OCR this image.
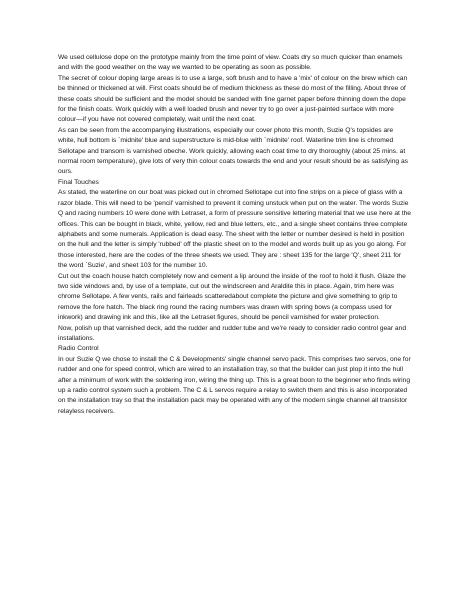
We used cellulose dope on the prototype mainly from the time point of view. Coats dry so much quicker than enamels and with the good weather on the way we wanted to be operating as soon as possible.

The secret of colour doping large areas is to use a large, soft brush and to have a 'mix' of colour on the brew which can be thinned or thickened at will. First coats should be of medium thickness as these do most of the filling. About three of these coats should be sufficient and the model should be sanded with fine garnet paper before thinning down the dope for the finish coats. Work quickly with a well loaded brush and never try to go over a just-painted surface with more colour—if you have not covered completely, wait until the next coat.

As can be seen from the accompanying illustrations, especially our cover photo this month, Suzie Q's topsides are white, hull bottom is `midnite' blue and superstructure is mid-blue with `midnite' roof. Waterline trim line is chromed Sellotape and transom is varnished obeche. Work quickly, allowing each coat time to dry thoroughly (about 25 mins. at normal room temperature), give lots of very thin colour coats towards the end and your result should be as satisfying as ours.

Final Touches

As stated, the waterline on our boat was picked out in chromed Sellotape cut into fine strips on a piece of glass with a razor blade. This will need to be 'pencil' varnished to prevent it coming unstuck when put on the water. The words Suzie Q and racing numbers 10 were done with Letraset, a form of pressure sensitive lettering material that we use here at the offices. This can be bought in black, white, yellow, red and blue letters, etc., and a single sheet contains three complete alphabets and some numerals. Application is dead easy. The sheet with the letter or number desired is held in position on the hull and the letter is simply 'rubbed' off the plastic sheet on to the model and words built up as you go along. For those interested, here are the codes of the three sheets we used. They are : sheet 135 for the large 'Q', sheet 211 for the word `Suzie', and sheet 103 for the number 10.

Cut out the coach house hatch completely now and cement a lip around the inside of the roof to hold it flush. Glaze the two side windows and, by use of a template, cut out the windscreen and Araldite this in place. Again, trim here was chrome Sellotape. A few vents, rails and fairleads scatteredabout complete the picture and give something to grip to remove the fore hatch. The black ring round the racing numbers was drawn with spring bows (a compass used for inkwork) and drawing ink and this, like all the Letraset figures, should be pencil varnished for water protection.

Now, polish up that varnished deck, add the rudder and rudder tube and we're ready to consider radio control gear and installations.

Radio Control

In our Suzie Q we chose to install the C & Developments' single channel servo pack. This comprises two servos, one for rudder and one for speed control, which are wired to an installation tray, so that the builder can just plop it into the hull after a minimum of work with the soldering iron, wiring the thing up. This is a great boon to the beginner who finds wiring up a radio control system such a problem. The C & L servos require a relay to switch them and this is also incorporated on the installation tray so that the installation pack may be operated with any of the modern single channel all transistor relayless receivers.
